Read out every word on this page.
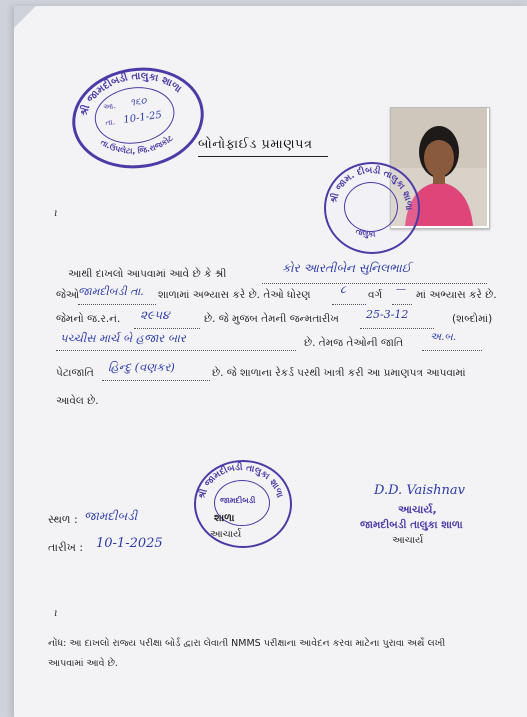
શ્રી જામદીબડી તાલુકા શાળા
તા.ઉપલેટા, જિ.રાજકોટ
આ. ૧૬૦
તા. 10-1-25
બોનોફાઈડ પ્રમાણપત્ર
શ્રી જામ. દીબડી તાલુકા શાળા
તાલુકા
ı
આથી દાખલો આપવામાં આવે છે કે શ્રી	કોર આરતીબેન સુનિલભાઈ
જેઓ
જામદીબડી તા. શાળામાં અભ્યાસ કરે છે. તેઓ ધોરણ	૮ વર્ગ — માં અભ્યાસ કરે છે.
જેમનો જ.ર.નં. ૨૯૫૪	છે. જે મુજબ તેમની જન્મતારીખ 25-3-12	(શબ્દોમાં)
પચ્ચીસ માર્ચ બે હજાર બાર	છે. તેમજ તેઓની જાતિ	અ.બ.
પેટાજાતિ હિન્દુ (વણકર)	છે. જે શાળાના રેકર્ડ પરથી ખાત્રી કરી આ પ્રમાણપત્ર આપવામાં
આવેલ છે.
શ્રી જામદીબડી તાલુકા શાળા
જામદીબડી
શાળા
આચાર્ય
સ્થળ : જામદીબડી
તારીખ : 10-1-2025
D.D. Vaishnav
આચાર્ય,
જામદીબડી તાલુકા શાળા
આચાર્ય
ı
નોંધ: આ દાખલો રાજ્ય પરીક્ષા બોર્ડ દ્વારા લેવાતી NMMS પરીક્ષાના આવેદન કરવા માટેના પુરાવા અર્થે લખી
આપવામાં આવે છે.
